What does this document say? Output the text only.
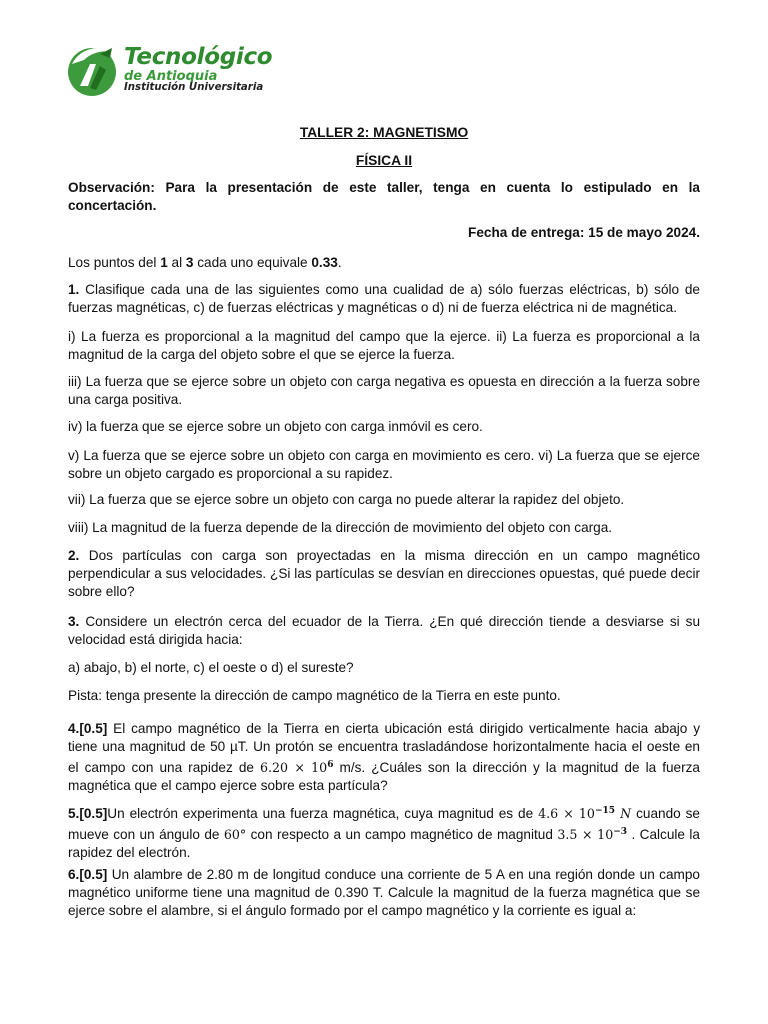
Tecnológico
de Antioquia
Institución Universitaria
TALLER 2: MAGNETISMO
FÍSICA II
Observación: Para la presentación de este taller, tenga en cuenta lo estipulado en la concertación.
Fecha de entrega: 15 de mayo 2024.
Los puntos del 1 al 3 cada uno equivale 0.33.
1. Clasifique cada una de las siguientes como una cualidad de a) sólo fuerzas eléctricas, b) sólo de fuerzas magnéticas, c) de fuerzas eléctricas y magnéticas o d) ni de fuerza eléctrica ni de magnética.
i) La fuerza es proporcional a la magnitud del campo que la ejerce. ii) La fuerza es proporcional a la magnitud de la carga del objeto sobre el que se ejerce la fuerza.
iii) La fuerza que se ejerce sobre un objeto con carga negativa es opuesta en dirección a la fuerza sobre una carga positiva.
iv) la fuerza que se ejerce sobre un objeto con carga inmóvil es cero.
v) La fuerza que se ejerce sobre un objeto con carga en movimiento es cero. vi) La fuerza que se ejerce sobre un objeto cargado es proporcional a su rapidez.
vii) La fuerza que se ejerce sobre un objeto con carga no puede alterar la rapidez del objeto.
viii) La magnitud de la fuerza depende de la dirección de movimiento del objeto con carga.
2. Dos partículas con carga son proyectadas en la misma dirección en un campo magnético perpendicular a sus velocidades. ¿Si las partículas se desvían en direcciones opuestas, qué puede decir sobre ello?
3. Considere un electrón cerca del ecuador de la Tierra. ¿En qué dirección tiende a desviarse si su velocidad está dirigida hacia:
a) abajo, b) el norte, c) el oeste o d) el sureste?
Pista: tenga presente la dirección de campo magnético de la Tierra en este punto.
4.[0.5] El campo magnético de la Tierra en cierta ubicación está dirigido verticalmente hacia abajo y tiene una magnitud de 50 µT. Un protón se encuentra trasladándose horizontalmente hacia el oeste en el campo con una rapidez de $6.20 \times 10^6$ m/s. ¿Cuáles son la dirección y la magnitud de la fuerza magnética que el campo ejerce sobre esta partícula?
5.[0.5]Un electrón experimenta una fuerza magnética, cuya magnitud es de $4.6 \times 10^{-15}$ N cuando se mueve con un ángulo de 60° con respecto a un campo magnético de magnitud $3.5 \times 10^{-3}$ . Calcule la rapidez del electrón.
6.[0.5] Un alambre de 2.80 m de longitud conduce una corriente de 5 A en una región donde un campo magnético uniforme tiene una magnitud de 0.390 T. Calcule la magnitud de la fuerza magnética que se ejerce sobre el alambre, si el ángulo formado por el campo magnético y la corriente es igual a:
